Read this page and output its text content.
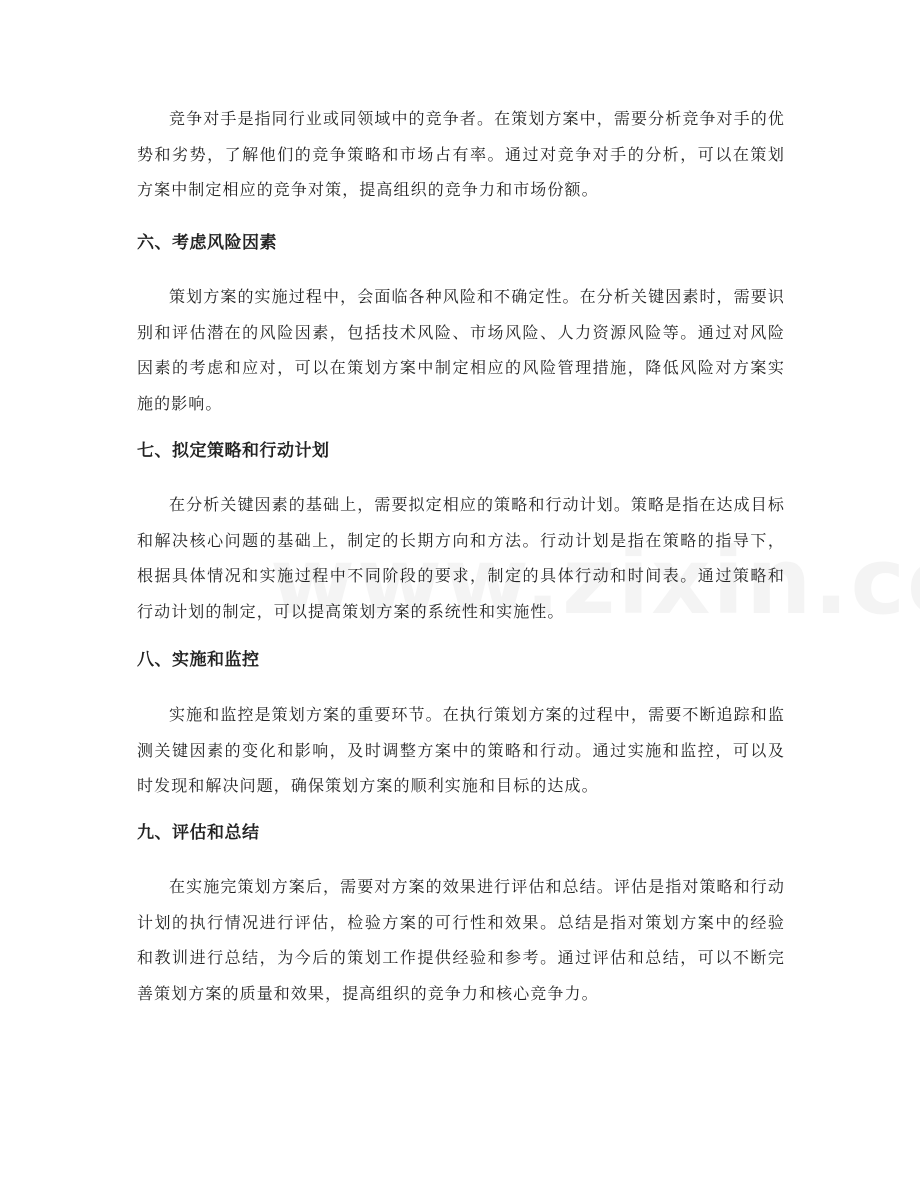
竞争对手是指同行业或同领域中的竞争者。在策划方案中，需要分析竞争对手的优势和劣势，了解他们的竞争策略和市场占有率。通过对竞争对手的分析，可以在策划方案中制定相应的竞争对策，提高组织的竞争力和市场份额。

六、考虑风险因素

策划方案的实施过程中，会面临各种风险和不确定性。在分析关键因素时，需要识别和评估潜在的风险因素，包括技术风险、市场风险、人力资源风险等。通过对风险因素的考虑和应对，可以在策划方案中制定相应的风险管理措施，降低风险对方案实施的影响。

七、拟定策略和行动计划

在分析关键因素的基础上，需要拟定相应的策略和行动计划。策略是指在达成目标和解决核心问题的基础上，制定的长期方向和方法。行动计划是指在策略的指导下，根据具体情况和实施过程中不同阶段的要求，制定的具体行动和时间表。通过策略和行动计划的制定，可以提高策划方案的系统性和实施性。

八、实施和监控

实施和监控是策划方案的重要环节。在执行策划方案的过程中，需要不断追踪和监测关键因素的变化和影响，及时调整方案中的策略和行动。通过实施和监控，可以及时发现和解决问题，确保策划方案的顺利实施和目标的达成。

九、评估和总结

在实施完策划方案后，需要对方案的效果进行评估和总结。评估是指对策略和行动计划的执行情况进行评估，检验方案的可行性和效果。总结是指对策划方案中的经验和教训进行总结，为今后的策划工作提供经验和参考。通过评估和总结，可以不断完善策划方案的质量和效果，提高组织的竞争力和核心竞争力。
